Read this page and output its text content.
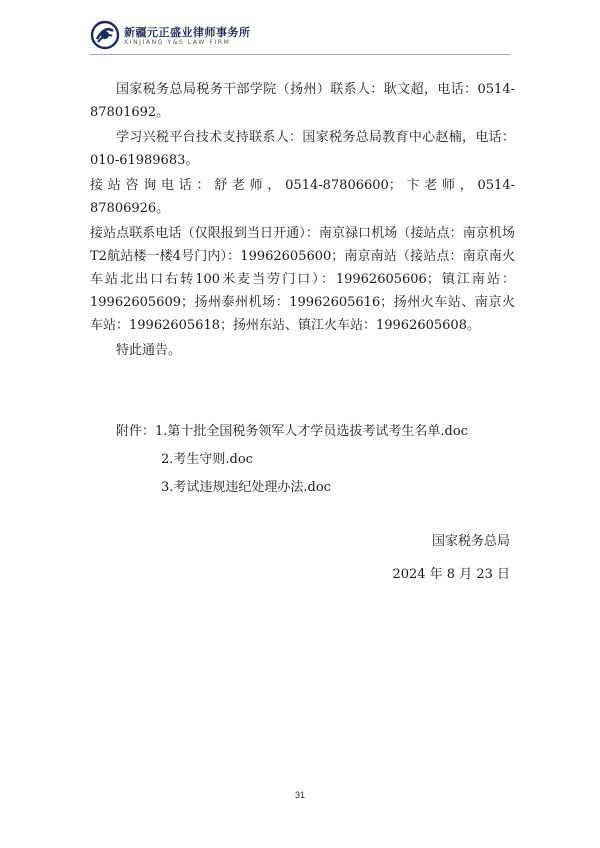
新疆元正盛业律师事务所
XINJIANG Y&S LAW FIRM

国家税务总局税务干部学院（扬州）联系人：耿文超，电话：0514-87801692。

学习兴税平台技术支持联系人：国家税务总局教育中心赵楠，电话：010-61989683。

接站咨询电话：舒老师，0514-87806600；卞老师，0514-87806926。

接站点联系电话（仅限报到当日开通）：南京禄口机场（接站点：南京机场T2航站楼一楼4号门内）：19962605600；南京南站（接站点：南京南火车站北出口右转100米麦当劳门口）：19962605606；镇江南站：19962605609；扬州泰州机场：19962605616；扬州火车站、南京火车站：19962605618；扬州东站、镇江火车站：19962605608。

特此通告。

附件：1.第十批全国税务领军人才学员选拔考试考生名单.doc
2.考生守则.doc
3.考试违规违纪处理办法.doc
国家税务总局
2024 年 8 月 23 日
31
